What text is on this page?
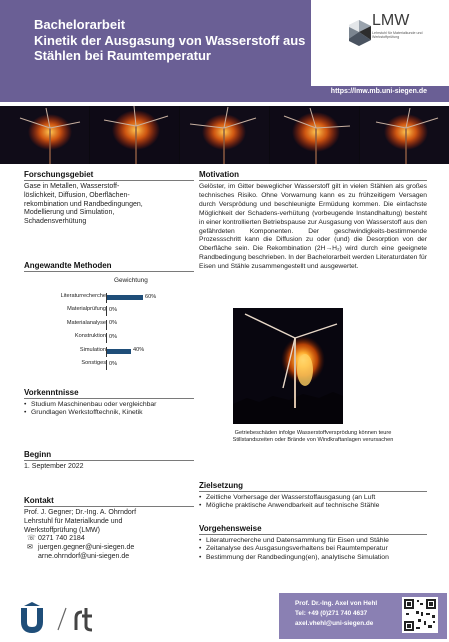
Bachelorarbeit
Kinetik der Ausgasung von Wasserstoff aus
Stählen bei Raumtemperatur
https://lmw.mb.uni-siegen.de
LMW
Lehrstuhl für Materialkunde und Werkstoffprüfung
Forschungsgebiet
Gase in Metallen, Wasserstoff-
löslichkeit, Diffusion, Oberflächen-
rekombination und Randbedingungen,
Modellierung und Simulation,
Schadensverhütung
Angewandte Methoden
Gewichtung
Literaturrecherche	60%
Materialprüfung 0%
Materialanalyse 0%
Konstruktion 0%
Simulation	40%
Sonstiges 0%
Vorkenntnisse
• Studium Maschinenbau oder vergleichbar
• Grundlagen Werkstofftechnik, Kinetik
Beginn
1. September 2022
Kontakt
Prof. J. Gegner; Dr.-Ing. A. Ohrndorf
Lehrstuhl für Materialkunde und
Werkstoffprüfung (LMW)
☏ 0271 740 2184
✉ juergen.gegner@uni-siegen.de
arne.ohrndorf@uni-siegen.de
Motivation
Gelöster, im Gitter beweglicher Wasserstoff gilt in vielen Stählen als großes technisches Risiko. Ohne Vorwarnung kann es zu frühzeitigem Versagen durch Versprödung und beschleunigte Ermüdung kommen. Die einfachste Möglichkeit der Schadens-verhütung (vorbeugende Instandhaltung) besteht in einer kontrollierten Betriebspause zur Ausgasung von Wasserstoff aus den gefährdeten Komponenten. Der geschwindigkeits-bestimmende Prozessschritt kann die Diffusion zu oder (und) die Desorption von der Oberfläche sein. Die Rekombination (2H→H₂) wird durch eine geeignete Randbedingung beschrieben. In der Bachelorarbeit werden Literaturdaten für Eisen und Stähle zusammengestellt und ausgewertet.
Getriebeschäden infolge Wasserstoffversprödung können teure
Stillstandszeiten oder Brände von Windkraftanlagen verursachen
Zielsetzung
• Zeitliche Vorhersage der Wasserstoffausgasung (an Luft
• Mögliche praktische Anwendbarkeit auf technische Stähle
Vorgehensweise
• Literaturrecherche und Datensammlung für Eisen und Stähle
• Zeitanalyse des Ausgasungsverhaltens bei Raumtemperatur
• Bestimmung der Randbedingung(en), analytische Simulation
Prof. Dr.-Ing. Axel von Hehl
Tel: +49 (0)271 740 4637
axel.vhehl@uni-siegen.de
